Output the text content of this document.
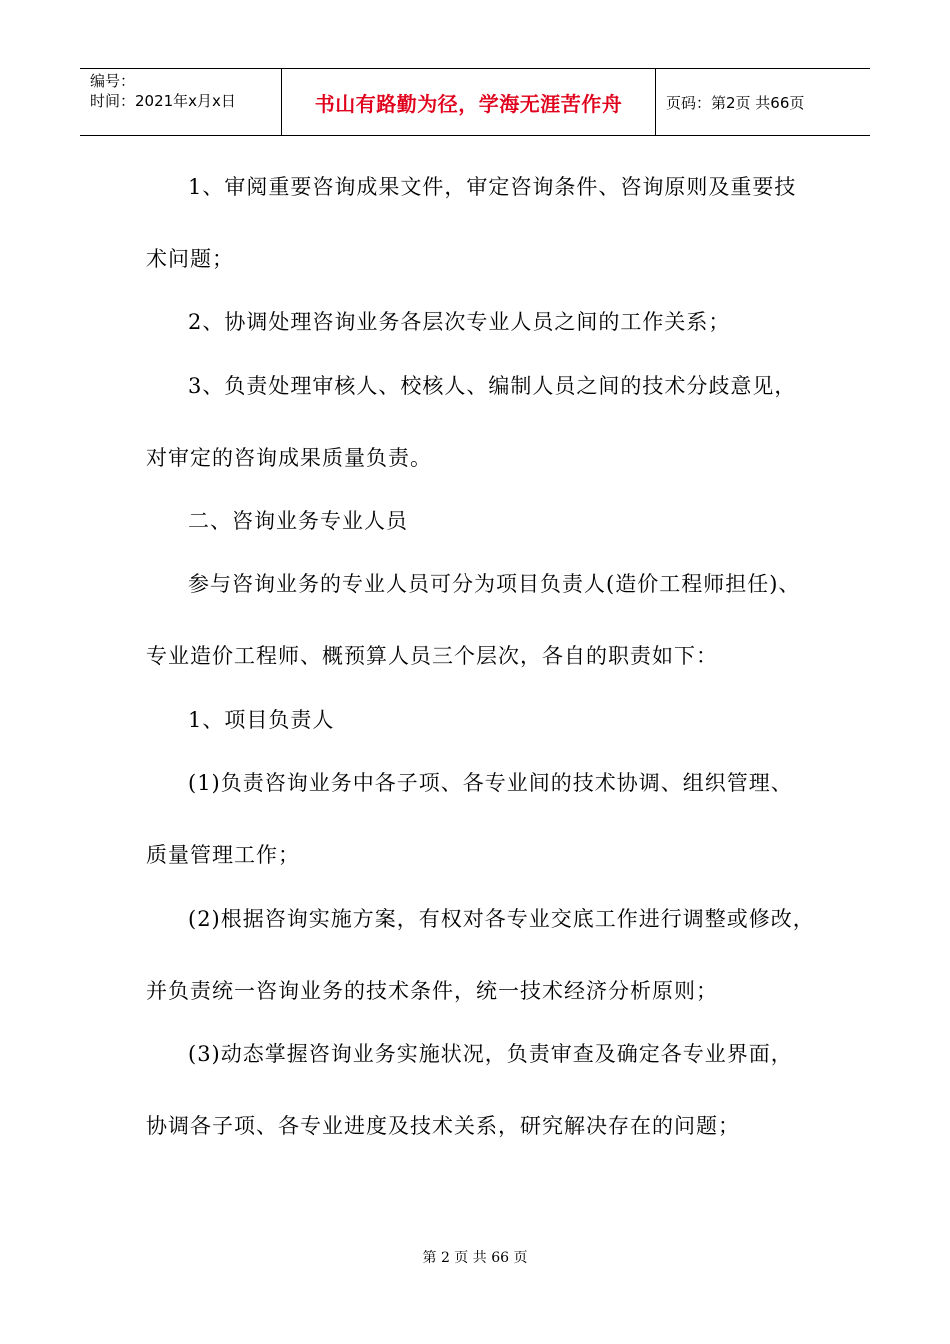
编号：
时间：2021年x月x日	书山有路勤为径，学海无涯苦作舟	页码：第2页 共66页
1、审阅重要咨询成果文件，审定咨询条件、咨询原则及重要技
术问题；
2、协调处理咨询业务各层次专业人员之间的工作关系；
3、负责处理审核人、校核人、编制人员之间的技术分歧意见，
对审定的咨询成果质量负责。
二、咨询业务专业人员
参与咨询业务的专业人员可分为项目负责人(造价工程师担任)、
专业造价工程师、概预算人员三个层次，各自的职责如下：
1、项目负责人
(1)负责咨询业务中各子项、各专业间的技术协调、组织管理、
质量管理工作；
(2)根据咨询实施方案，有权对各专业交底工作进行调整或修改，
并负责统一咨询业务的技术条件，统一技术经济分析原则；
(3)动态掌握咨询业务实施状况，负责审查及确定各专业界面，
协调各子项、各专业进度及技术关系，研究解决存在的问题；
第 2 页 共 66 页
